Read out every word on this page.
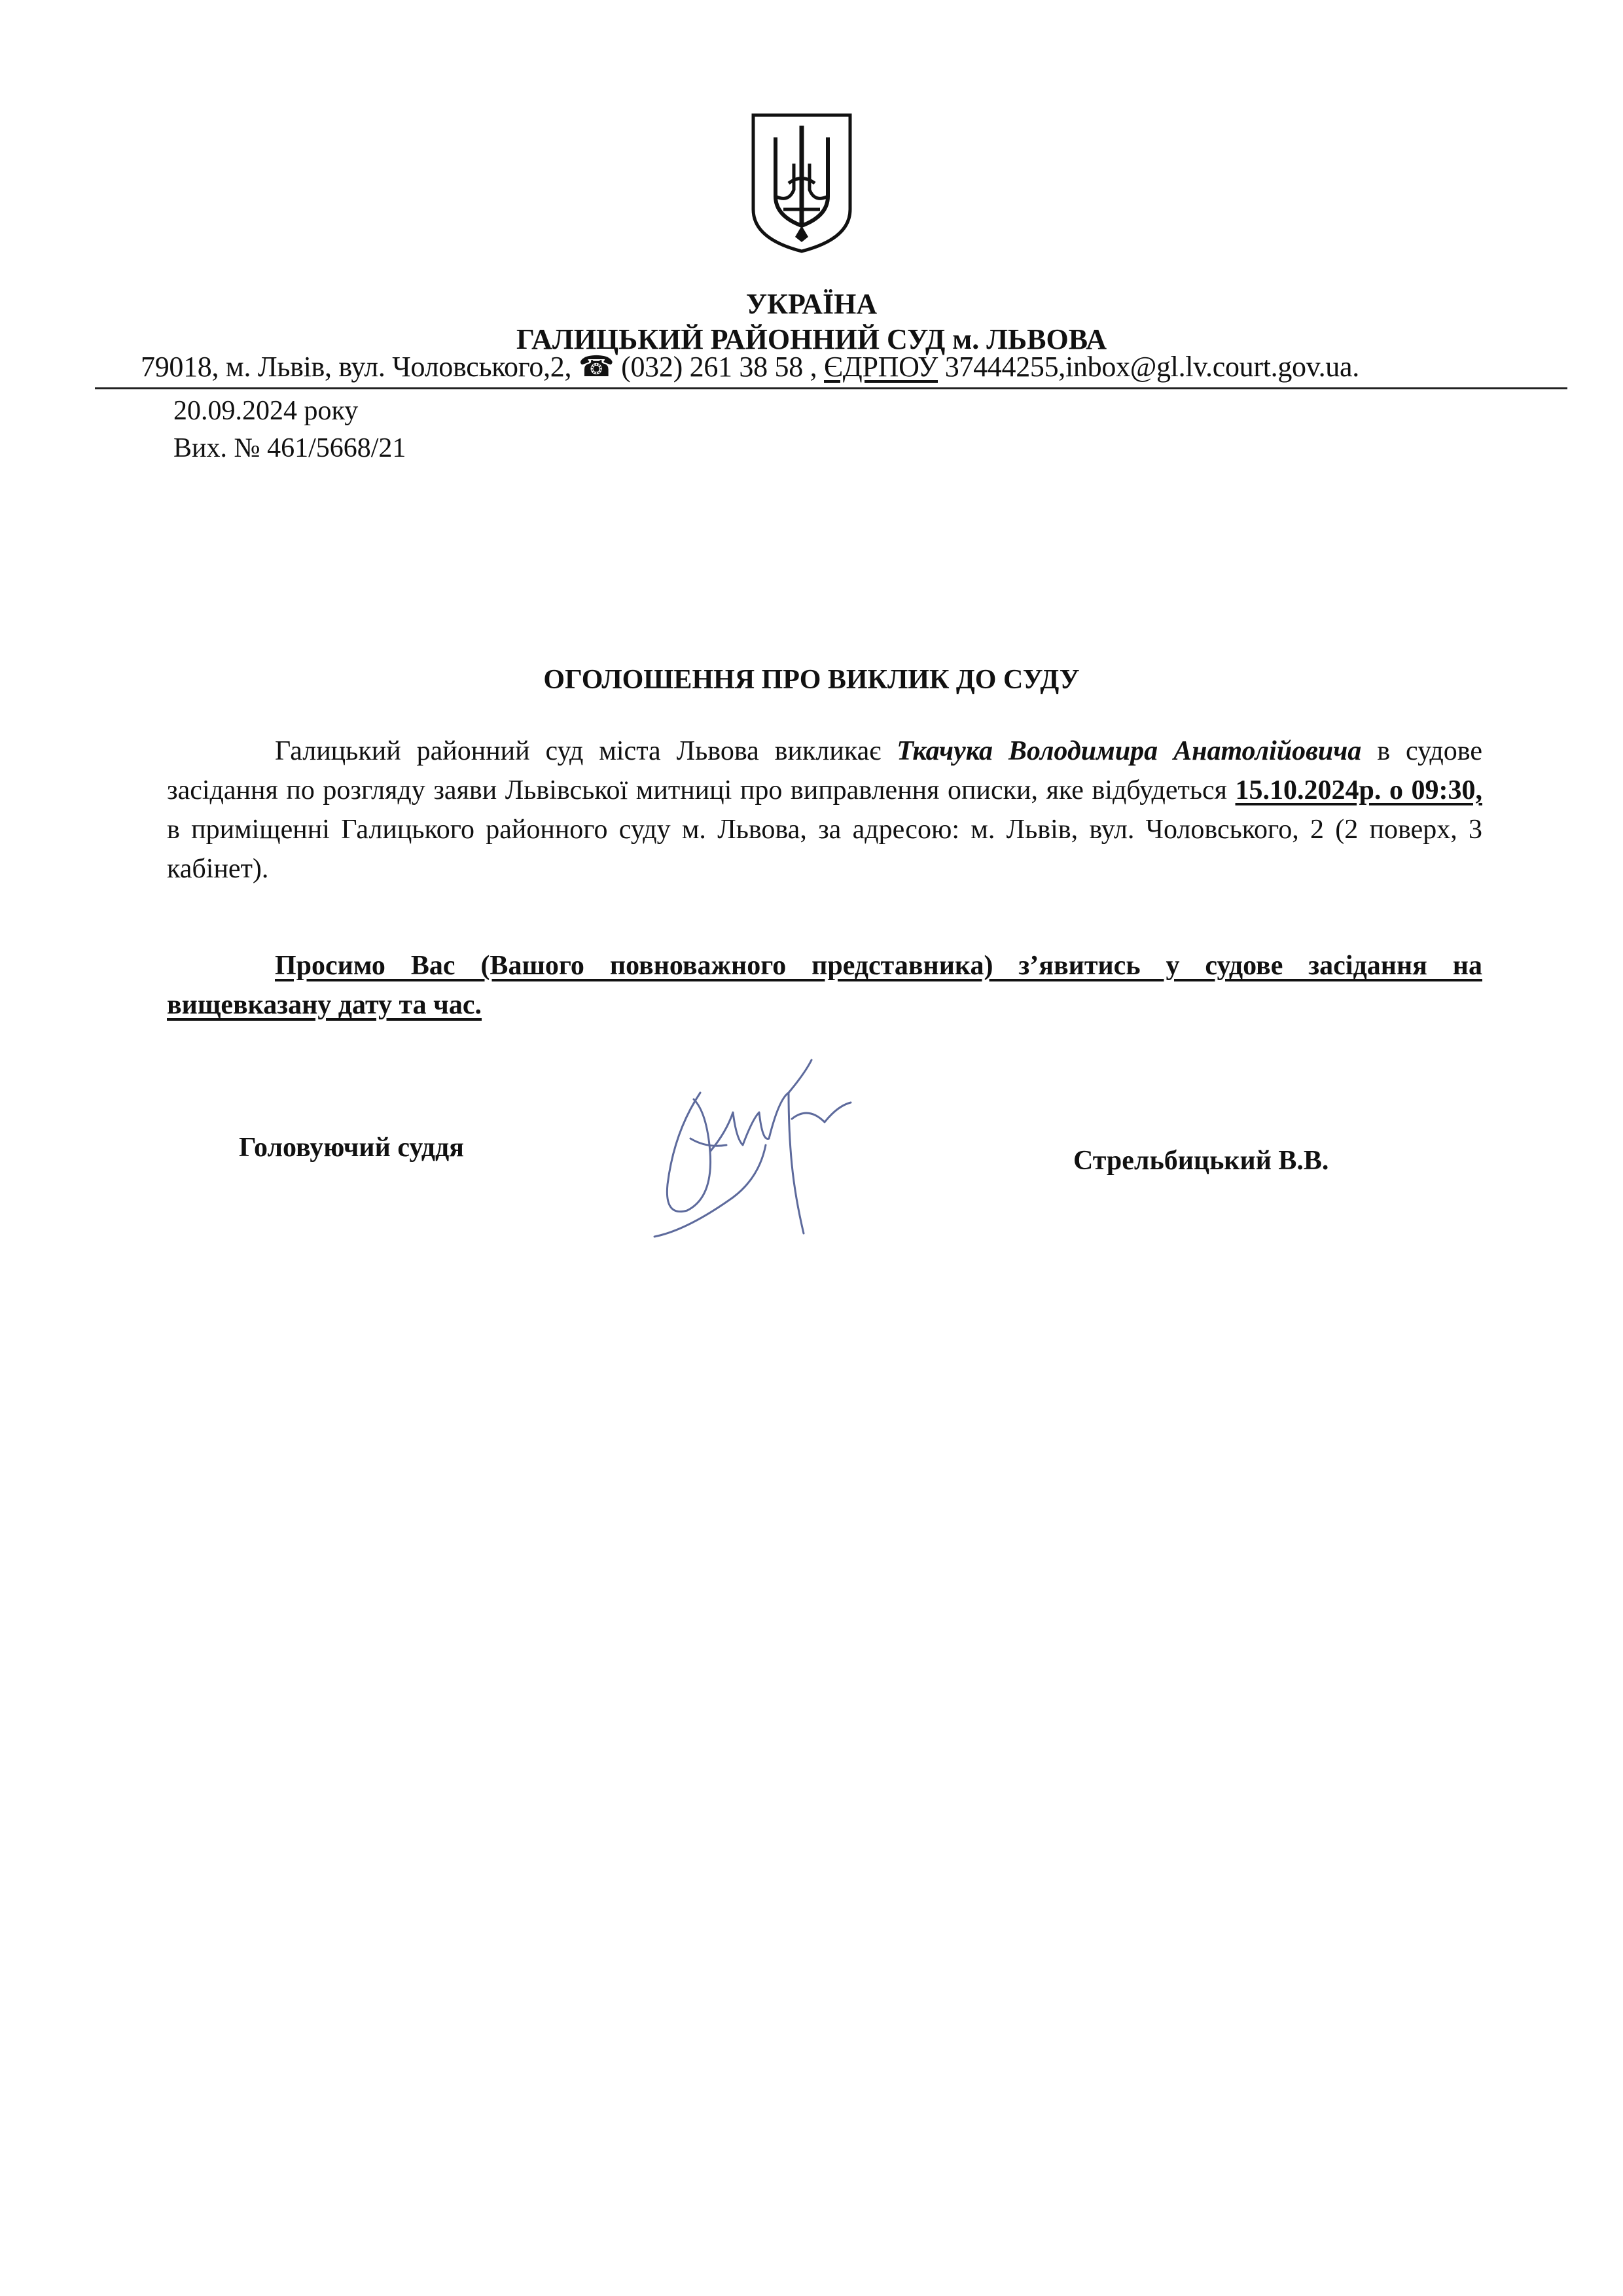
УКРАЇНА
ГАЛИЦЬКИЙ РАЙОННИЙ СУД м. ЛЬВОВА
79018, м. Львів, вул. Чоловського,2, ☎ (032) 261 38 58 , ЄДРПОУ 37444255,inbox@gl.lv.court.gov.ua.
20.09.2024 року
Вих. № 461/5668/21
ОГОЛОШЕННЯ ПРО ВИКЛИК ДО СУДУ

Галицький районний суд міста Львова викликає Ткачука Володимира Анатолійовича в судове засідання по розгляду заяви Львівської митниці про виправлення описки, яке відбудеться 15.10.2024р. о 09:30, в приміщенні Галицького районного суду м. Львова, за адресою: м. Львів, вул. Чоловського, 2 (2 поверх, 3 кабінет).

Просимо Вас (Вашого повноважного представника) з’явитись у судове засідання на вищевказану дату та час.

Головуючий суддя	Стрельбицький В.В.
